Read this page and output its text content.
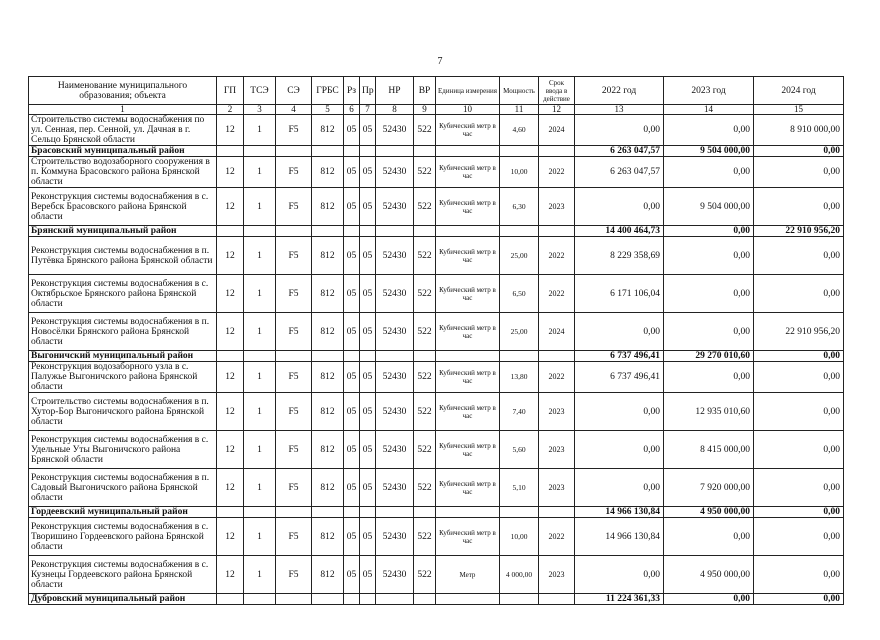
7
Наименование муниципального образования; объекта	ГП	ТСЭ	СЭ	ГРБС	Рз	Пр	НР	ВР	Единица измерения	Мощность	Срок ввода в действие	2022 год	2023 год	2024 год
1	2	3	4	5	6	7	8	9	10	11	12	13	14	15
Строительство системы водоснабжения по ул. Сенная, пер. Сенной, ул. Дачная в г. Сельцо Брянской области	12	1	F5	812	05	05	52430	522	Кубический метр в час	4,60	2024	0,00	0,00	8 910 000,00
Брасовский муниципальный район												6 263 047,57	9 504 000,00	0,00
Строительство водозаборного сооружения в п. Коммуна Брасовского района Брянской области	12	1	F5	812	05	05	52430	522	Кубический метр в час	10,00	2022	6 263 047,57	0,00	0,00
Реконструкция системы водоснабжения в с. Веребск Брасовского района Брянской области	12	1	F5	812	05	05	52430	522	Кубический метр в час	6,30	2023	0,00	9 504 000,00	0,00
Брянский муниципальный район												14 400 464,73	0,00	22 910 956,20
Реконструкция системы водоснабжения в п. Путёвка Брянского района Брянской области	12	1	F5	812	05	05	52430	522	Кубический метр в час	25,00	2022	8 229 358,69	0,00	0,00
Реконструкция системы водоснабжения в с. Октябрьское Брянского района Брянской области	12	1	F5	812	05	05	52430	522	Кубический метр в час	6,50	2022	6 171 106,04	0,00	0,00
Реконструкция системы водоснабжения в п. Новосёлки Брянского района Брянской области	12	1	F5	812	05	05	52430	522	Кубический метр в час	25,00	2024	0,00	0,00	22 910 956,20
Выгоничский муниципальный район												6 737 496,41	29 270 010,60	0,00
Реконструкция водозаборного узла в с. Палужье Выгоничского района Брянской области	12	1	F5	812	05	05	52430	522	Кубический метр в час	13,80	2022	6 737 496,41	0,00	0,00
Строительство системы водоснабжения в п. Хутор-Бор Выгоничского района Брянской области	12	1	F5	812	05	05	52430	522	Кубический метр в час	7,40	2023	0,00	12 935 010,60	0,00
Реконструкция системы водоснабжения в с. Удельные Уты Выгоничского района Брянской области	12	1	F5	812	05	05	52430	522	Кубический метр в час	5,60	2023	0,00	8 415 000,00	0,00
Реконструкция системы водоснабжения в п. Садовый Выгоничского района Брянской области	12	1	F5	812	05	05	52430	522	Кубический метр в час	5,10	2023	0,00	7 920 000,00	0,00
Гордеевский муниципальный район												14 966 130,84	4 950 000,00	0,00
Реконструкция системы водоснабжения в с. Творишино Гордеевского района Брянской области	12	1	F5	812	05	05	52430	522	Кубический метр в час	10,00	2022	14 966 130,84	0,00	0,00
Реконструкция системы водоснабжения в с. Кузнецы Гордеевского района Брянской области	12	1	F5	812	05	05	52430	522	Метр	4 000,00	2023	0,00	4 950 000,00	0,00
Дубровский муниципальный район												11 224 361,33	0,00	0,00
